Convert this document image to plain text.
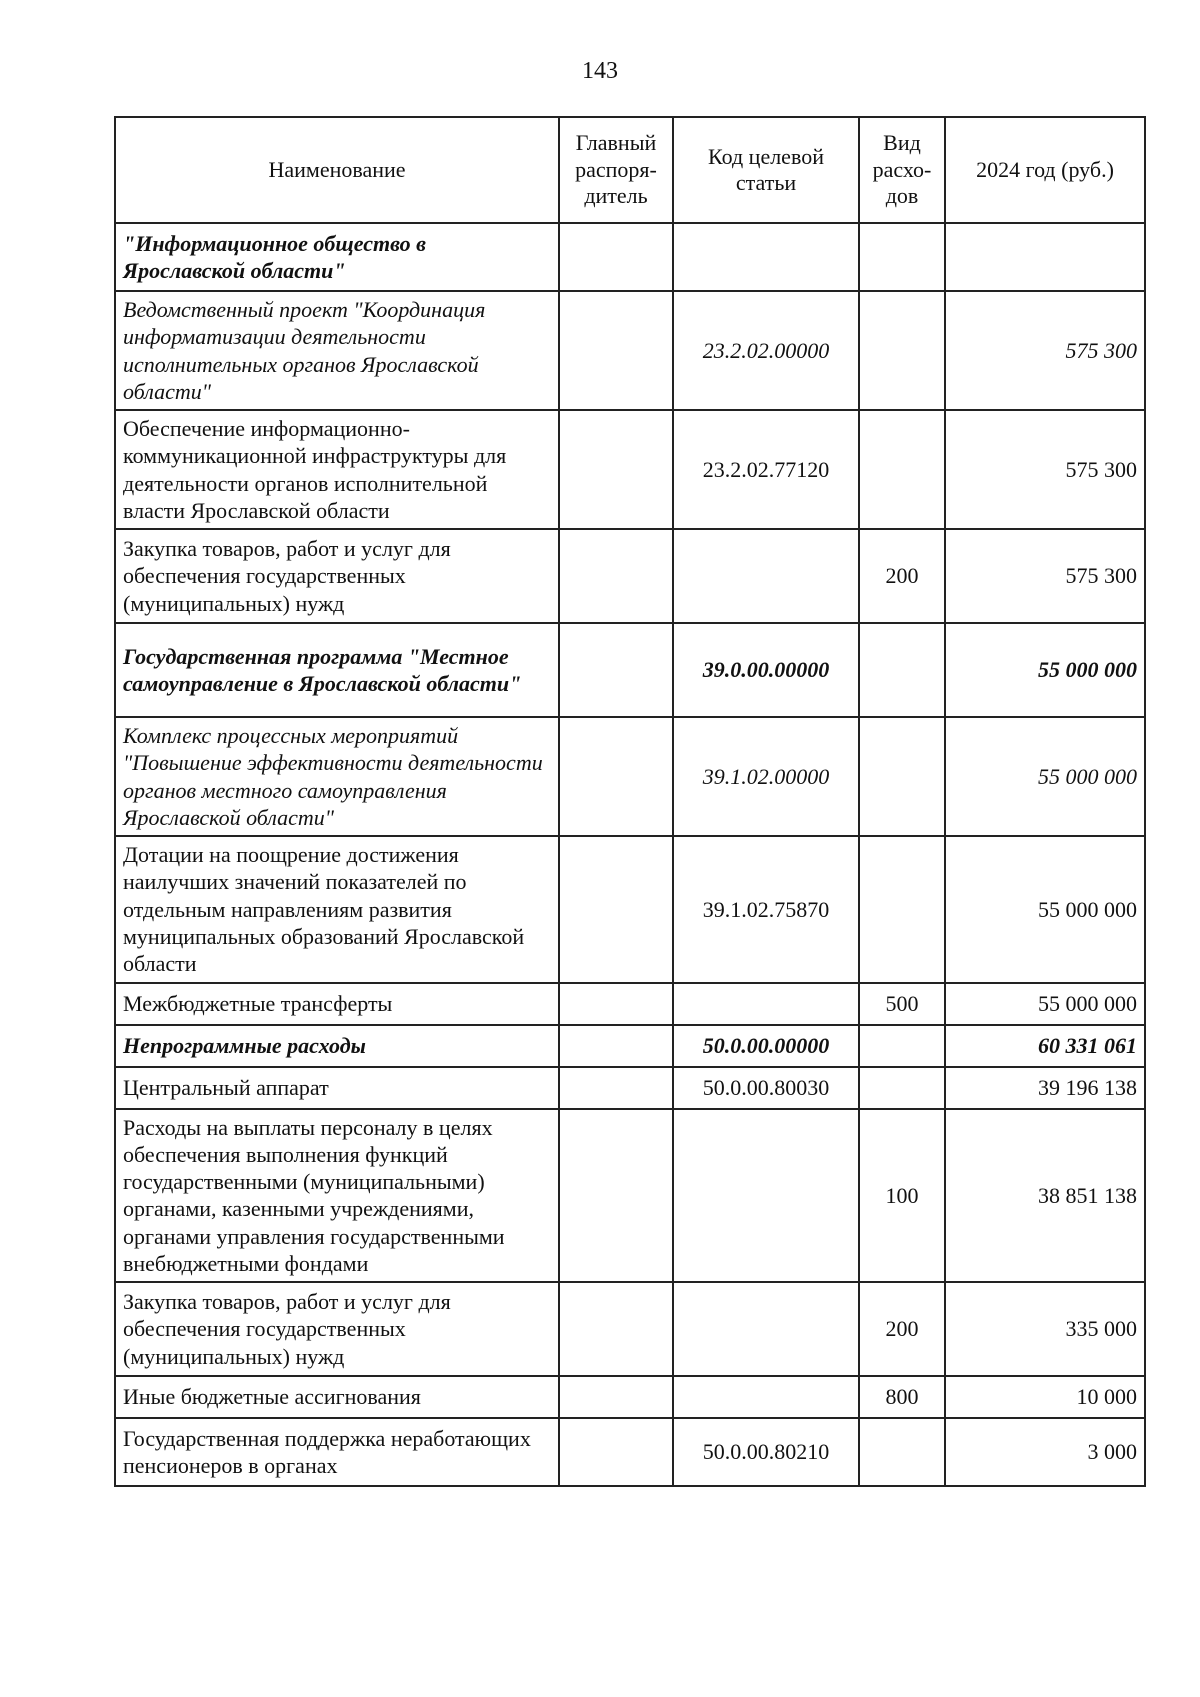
143
Наименование	Главный распоря-дитель	Код целевой статьи	Вид расхо-дов	2024 год (руб.)
"Информационное общество в Ярославской области"				
Ведомственный проект "Координация информатизации деятельности исполнительных органов Ярославской области"		23.2.02.00000		575 300
Обеспечение информационно-коммуникационной инфраструктуры для деятельности органов исполнительной власти Ярославской области		23.2.02.77120		575 300
Закупка товаров, работ и услуг для обеспечения государственных (муниципальных) нужд			200	575 300
Государственная программа "Местное самоуправление в Ярославской области"		39.0.00.00000		55 000 000
Комплекс процессных мероприятий "Повышение эффективности деятельности органов местного самоуправления Ярославской области"		39.1.02.00000		55 000 000
Дотации на поощрение достижения наилучших значений показателей по отдельным направлениям развития муниципальных образований Ярославской области		39.1.02.75870		55 000 000
Межбюджетные трансферты			500	55 000 000
Непрограммные расходы		50.0.00.00000		60 331 061
Центральный аппарат		50.0.00.80030		39 196 138
Расходы на выплаты персоналу в целях обеспечения выполнения функций государственными (муниципальными) органами, казенными учреждениями, органами управления государственными внебюджетными фондами			100	38 851 138
Закупка товаров, работ и услуг для обеспечения государственных (муниципальных) нужд			200	335 000
Иные бюджетные ассигнования			800	10 000
Государственная поддержка неработающих пенсионеров в органах		50.0.00.80210		3 000
